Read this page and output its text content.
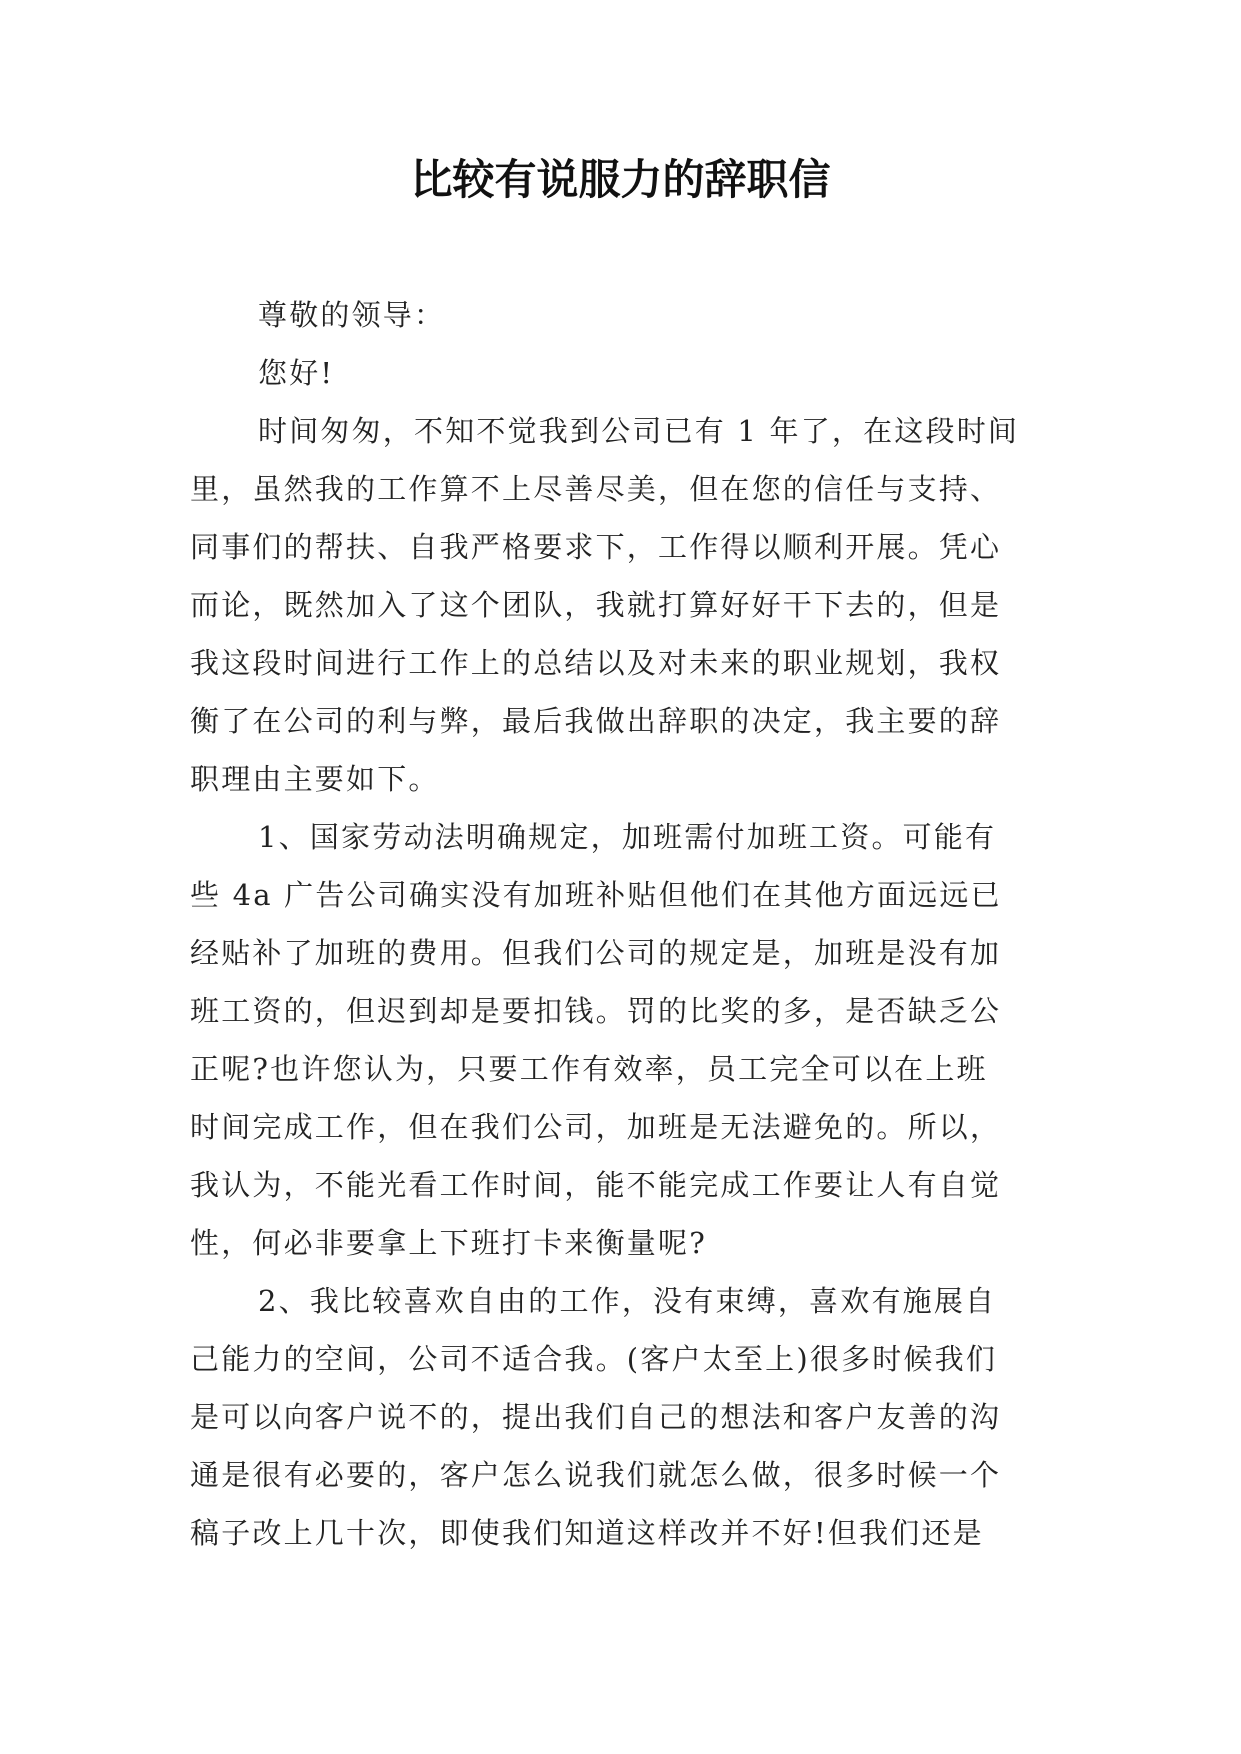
比较有说服力的辞职信
尊敬的领导：
您好!
时间匆匆，不知不觉我到公司已有 1 年了，在这段时间
里，虽然我的工作算不上尽善尽美，但在您的信任与支持、
同事们的帮扶、自我严格要求下，工作得以顺利开展。凭心
而论，既然加入了这个团队，我就打算好好干下去的，但是
我这段时间进行工作上的总结以及对未来的职业规划，我权
衡了在公司的利与弊，最后我做出辞职的决定，我主要的辞
职理由主要如下。
1、国家劳动法明确规定，加班需付加班工资。可能有
些 4a 广告公司确实没有加班补贴但他们在其他方面远远已
经贴补了加班的费用。但我们公司的规定是，加班是没有加
班工资的，但迟到却是要扣钱。罚的比奖的多，是否缺乏公
正呢?也许您认为，只要工作有效率，员工完全可以在上班
时间完成工作，但在我们公司，加班是无法避免的。所以，
我认为，不能光看工作时间，能不能完成工作要让人有自觉
性，何必非要拿上下班打卡来衡量呢?
2、我比较喜欢自由的工作，没有束缚，喜欢有施展自
己能力的空间，公司不适合我。(客户太至上)很多时候我们
是可以向客户说不的，提出我们自己的想法和客户友善的沟
通是很有必要的，客户怎么说我们就怎么做，很多时候一个
稿子改上几十次，即使我们知道这样改并不好!但我们还是
